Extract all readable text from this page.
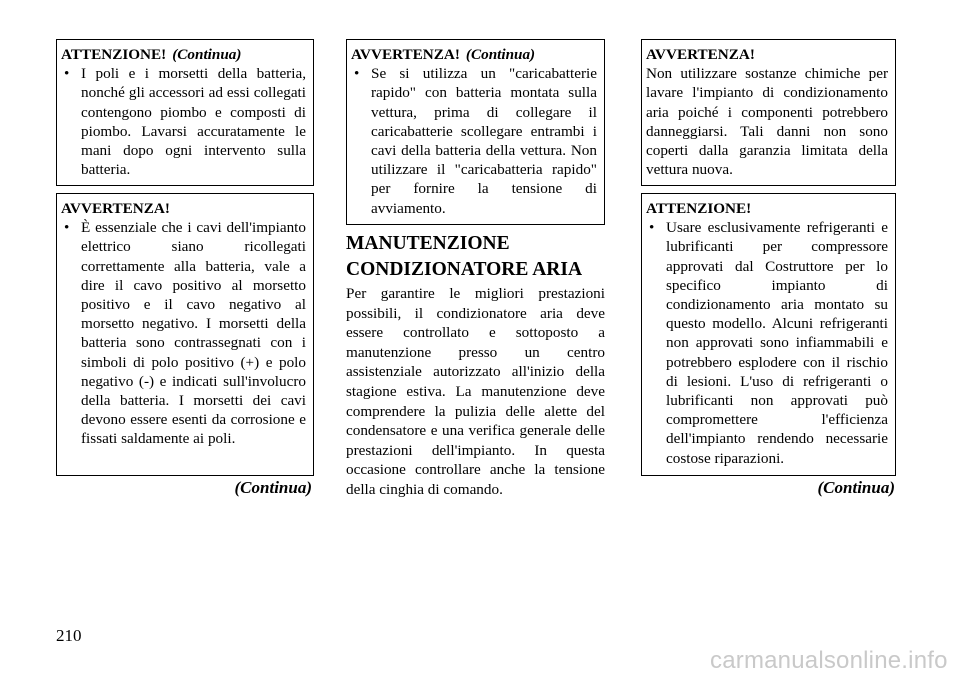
ATTENZIONE! (Continua)
• I poli e i morsetti della batteria, nonché gli accessori ad essi collegati contengono piombo e composti di piombo. Lavarsi accuratamente le mani dopo ogni intervento sulla batteria.
AVVERTENZA!
• È essenziale che i cavi dell'impianto elettrico siano ricollegati correttamente alla batteria, vale a dire il cavo positivo al morsetto positivo e il cavo negativo al morsetto negativo. I morsetti della batteria sono contrassegnati con i simboli di polo positivo (+) e polo negativo (-) e indicati sull'involucro della batteria. I morsetti dei cavi devono essere esenti da corrosione e fissati saldamente ai poli.
(Continua)
AVVERTENZA! (Continua)
• Se si utilizza un "caricabatterie rapido" con batteria montata sulla vettura, prima di collegare il caricabatterie scollegare entrambi i cavi della batteria della vettura. Non utilizzare il "caricabatteria rapido" per fornire la tensione di avviamento.
MANUTENZIONE CONDIZIONATORE ARIA
Per garantire le migliori prestazioni possibili, il condizionatore aria deve essere controllato e sottoposto a manutenzione presso un centro assistenziale autorizzato all'inizio della stagione estiva. La manutenzione deve comprendere la pulizia delle alette del condensatore e una verifica generale delle prestazioni dell'impianto. In questa occasione controllare anche la tensione della cinghia di comando.
AVVERTENZA!
Non utilizzare sostanze chimiche per lavare l'impianto di condizionamento aria poiché i componenti potrebbero danneggiarsi. Tali danni non sono coperti dalla garanzia limitata della vettura nuova.
ATTENZIONE!
• Usare esclusivamente refrigeranti e lubrificanti per compressore approvati dal Costruttore per lo specifico impianto di condizionamento aria montato su questo modello. Alcuni refrigeranti non approvati sono infiammabili e potrebbero esplodere con il rischio di lesioni. L'uso di refrigeranti o lubrificanti non approvati può compromettere l'efficienza dell'impianto rendendo necessarie costose riparazioni.
(Continua)
210
carmanualsonline.info
